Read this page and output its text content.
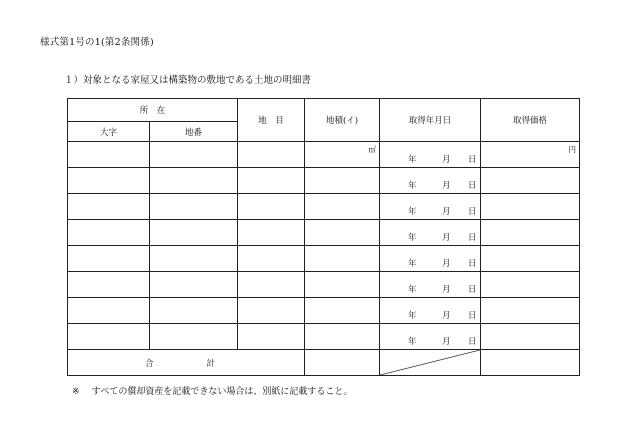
様式第1号の1(第2条関係)
１）対象となる家屋又は構築物の敷地である土地の明細書
所　在		地　目	地積(イ)	取得年月日	取得価格
大字	地番				

			㎡	年 月 日	円

				年 月 日	

				年 月 日	

				年 月 日	

				年 月 日	

				年 月 日	

				年 月 日	

				年 月 日	

合　　計		

※ すべての償却資産を記載できない場合は、別紙に記載すること。
